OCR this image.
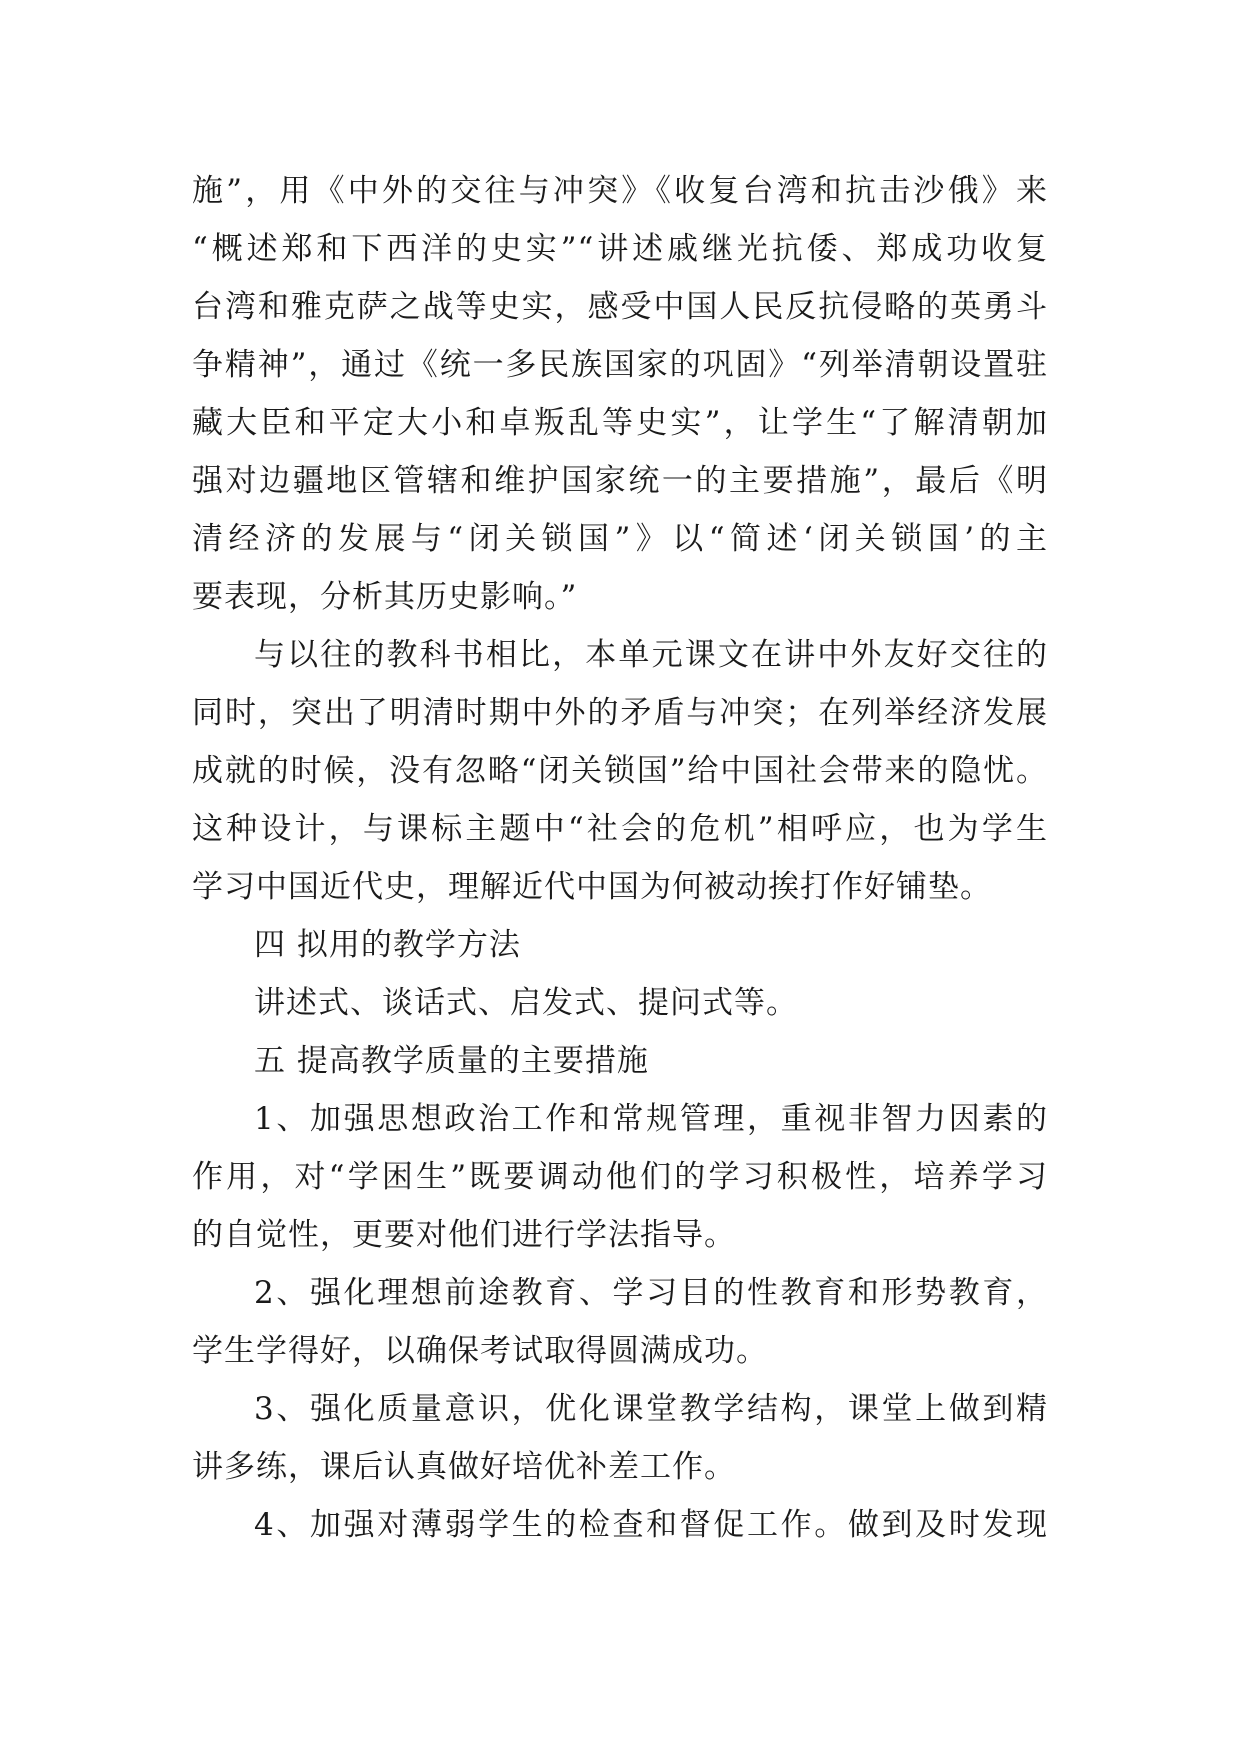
施”，用《中外的交往与冲突》《收复台湾和抗击沙俄》来
“概述郑和下西洋的史实”“讲述戚继光抗倭、郑成功收复
台湾和雅克萨之战等史实，感受中国人民反抗侵略的英勇斗
争精神”，通过《统一多民族国家的巩固》“列举清朝设置驻
藏大臣和平定大小和卓叛乱等史实”，让学生“了解清朝加
强对边疆地区管辖和维护国家统一的主要措施”，最后《明
清经济的发展与“闭关锁国”》以“简述‘闭关锁国’的主
要表现，分析其历史影响。”
与以往的教科书相比，本单元课文在讲中外友好交往的
同时，突出了明清时期中外的矛盾与冲突；在列举经济发展
成就的时候，没有忽略“闭关锁国”给中国社会带来的隐忧。
这种设计，与课标主题中“社会的危机”相呼应，也为学生
学习中国近代史，理解近代中国为何被动挨打作好铺垫。
四 拟用的教学方法
讲述式、谈话式、启发式、提问式等。
五 提高教学质量的主要措施
1、加强思想政治工作和常规管理，重视非智力因素的
作用，对“学困生”既要调动他们的学习积极性，培养学习
的自觉性，更要对他们进行学法指导。
2、强化理想前途教育、学习目的性教育和形势教育，
学生学得好，以确保考试取得圆满成功。
3、强化质量意识，优化课堂教学结构，课堂上做到精
讲多练，课后认真做好培优补差工作。
4、加强对薄弱学生的检查和督促工作。做到及时发现
